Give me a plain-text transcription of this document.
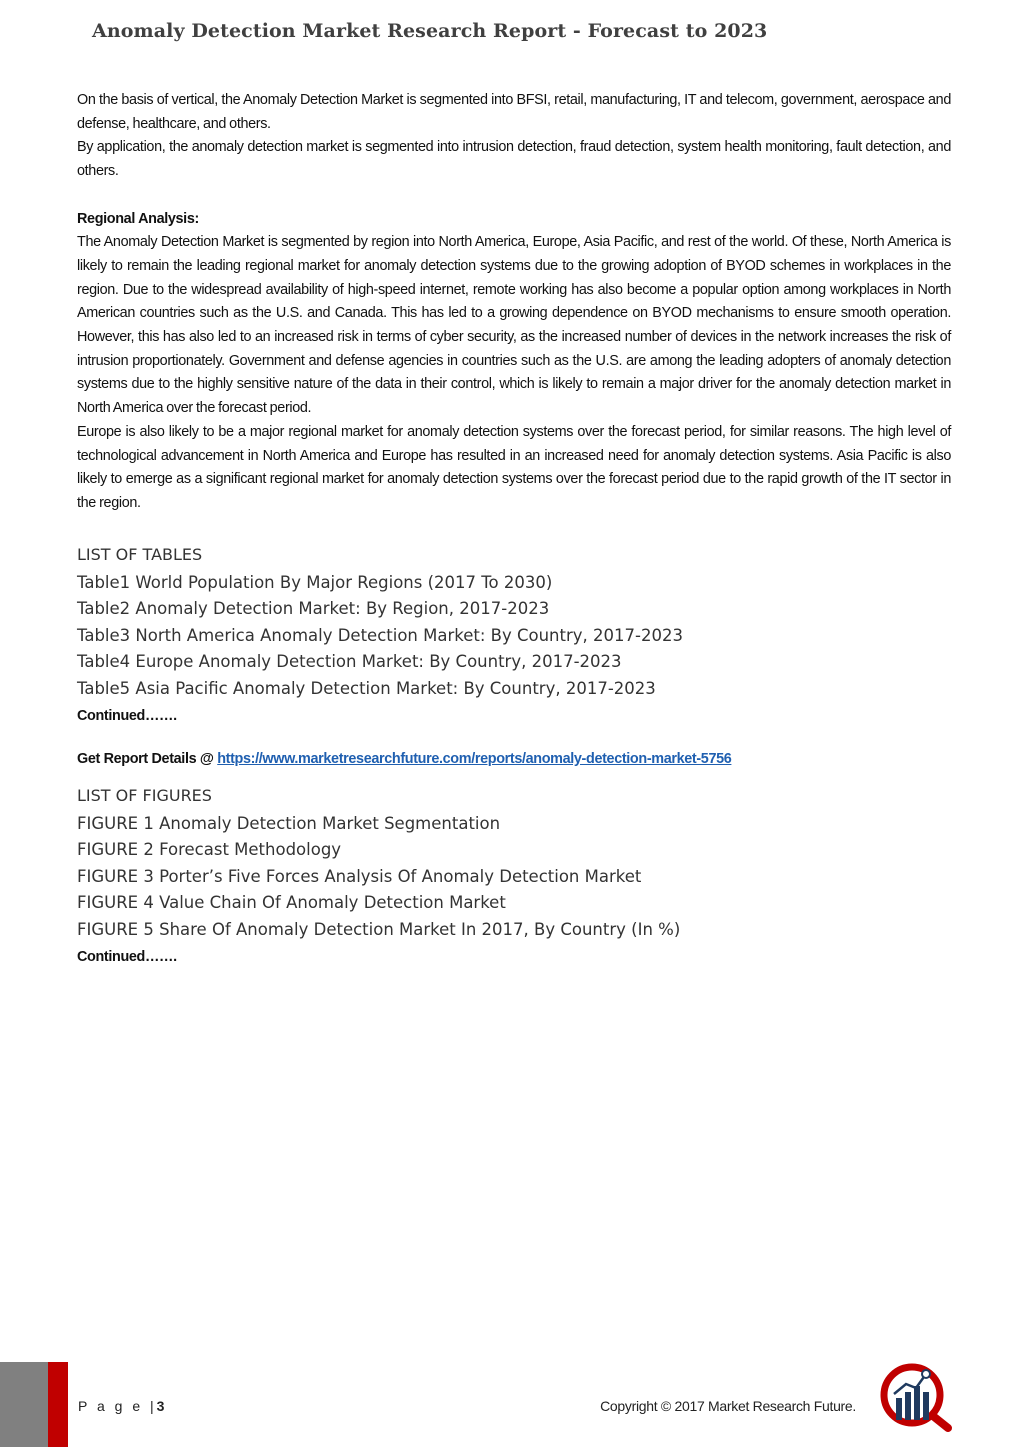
Anomaly Detection Market Research Report - Forecast to 2023

On the basis of vertical, the Anomaly Detection Market is segmented into BFSI, retail, manufacturing, IT and telecom, government, aerospace and defense, healthcare, and others.

By application, the anomaly detection market is segmented into intrusion detection, fraud detection, system health monitoring, fault detection, and others.

Regional Analysis:

The Anomaly Detection Market is segmented by region into North America, Europe, Asia Pacific, and rest of the world. Of these, North America is likely to remain the leading regional market for anomaly detection systems due to the growing adoption of BYOD schemes in workplaces in the region. Due to the widespread availability of high-speed internet, remote working has also become a popular option among workplaces in North American countries such as the U.S. and Canada. This has led to a growing dependence on BYOD mechanisms to ensure smooth operation. However, this has also led to an increased risk in terms of cyber security, as the increased number of devices in the network increases the risk of intrusion proportionately. Government and defense agencies in countries such as the U.S. are among the leading adopters of anomaly detection systems due to the highly sensitive nature of the data in their control, which is likely to remain a major driver for the anomaly detection market in North America over the forecast period.

Europe is also likely to be a major regional market for anomaly detection systems over the forecast period, for similar reasons. The high level of technological advancement in North America and Europe has resulted in an increased need for anomaly detection systems. Asia Pacific is also likely to emerge as a significant regional market for anomaly detection systems over the forecast period due to the rapid growth of the IT sector in the region.

LIST OF TABLES

Table1 World Population By Major Regions (2017 To 2030)

Table2 Anomaly Detection Market: By Region, 2017-2023

Table3 North America Anomaly Detection Market: By Country, 2017-2023

Table4 Europe Anomaly Detection Market: By Country, 2017-2023

Table5 Asia Pacific Anomaly Detection Market: By Country, 2017-2023

Continued…….

Get Report Details @ https://www.marketresearchfuture.com/reports/anomaly-detection-market-5756

LIST OF FIGURES

FIGURE 1 Anomaly Detection Market Segmentation

FIGURE 2 Forecast Methodology

FIGURE 3 Porter’s Five Forces Analysis Of Anomaly Detection Market

FIGURE 4 Value Chain Of Anomaly Detection Market

FIGURE 5 Share Of Anomaly Detection Market In 2017, By Country (In %)

Continued…….

P a g e |3	Copyright © 2017 Market Research Future.
